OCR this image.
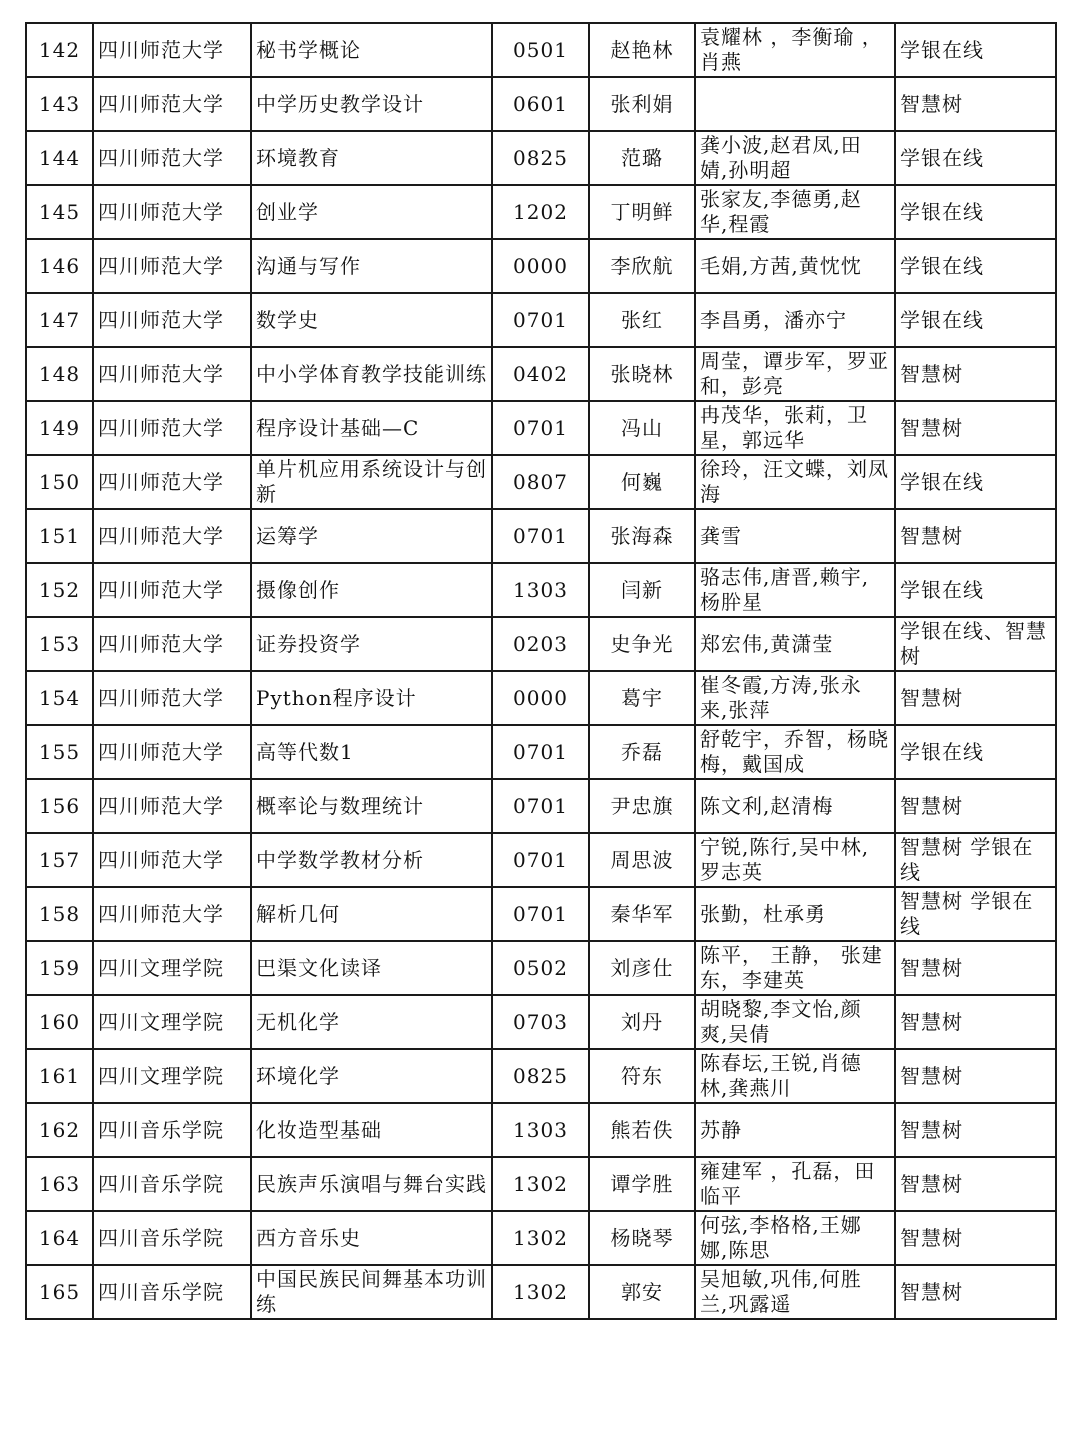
142	四川师范大学	秘书学概论	0501	赵艳林	袁耀林 ，李衡瑜 ，肖燕	学银在线
143	四川师范大学	中学历史教学设计	0601	张利娟		智慧树
144	四川师范大学	环境教育	0825	范璐	龚小波,赵君凤,田婧,孙明超	学银在线
145	四川师范大学	创业学	1202	丁明鲜	张家友,李德勇,赵华,程霞	学银在线
146	四川师范大学	沟通与写作	0000	李欣航	毛娟,方茜,黄忱忱	学银在线
147	四川师范大学	数学史	0701	张红	李昌勇，潘亦宁	学银在线
148	四川师范大学	中小学体育教学技能训练	0402	张晓林	周莹，谭步军，罗亚和，彭亮	智慧树
149	四川师范大学	程序设计基础—C	0701	冯山	冉茂华，张莉，卫星，郭远华	智慧树
150	四川师范大学	单片机应用系统设计与创新	0807	何巍	徐玲，汪文蝶，刘凤海	学银在线
151	四川师范大学	运筹学	0701	张海森	龚雪	智慧树
152	四川师范大学	摄像创作	1303	闫新	骆志伟,唐晋,赖宇,杨肸星	学银在线
153	四川师范大学	证券投资学	0203	史争光	郑宏伟,黄潇莹	学银在线、智慧树
154	四川师范大学	Python程序设计	0000	葛宇	崔冬霞,方涛,张永来,张萍	智慧树
155	四川师范大学	高等代数1	0701	乔磊	舒乾宇，乔智，杨晓梅，戴国成	学银在线
156	四川师范大学	概率论与数理统计	0701	尹忠旗	陈文利,赵清梅	智慧树
157	四川师范大学	中学数学教材分析	0701	周思波	宁锐,陈行,吴中林,罗志英	智慧树 学银在线
158	四川师范大学	解析几何	0701	秦华军	张勤，杜承勇	智慧树 学银在线
159	四川文理学院	巴渠文化读译	0502	刘彦仕	陈平， 王静， 张建东，李建英	智慧树
160	四川文理学院	无机化学	0703	刘丹	胡晓黎,李文怡,颜爽,吴倩	智慧树
161	四川文理学院	环境化学	0825	符东	陈春坛,王锐,肖德林,龚燕川	智慧树
162	四川音乐学院	化妆造型基础	1303	熊若佚	苏静	智慧树
163	四川音乐学院	民族声乐演唱与舞台实践	1302	谭学胜	雍建军 ，孔磊，田临平	智慧树
164	四川音乐学院	西方音乐史	1302	杨晓琴	何弦,李格格,王娜娜,陈思	智慧树
165	四川音乐学院	中国民族民间舞基本功训练	1302	郭安	吴旭敏,巩伟,何胜兰,巩露遥	智慧树
